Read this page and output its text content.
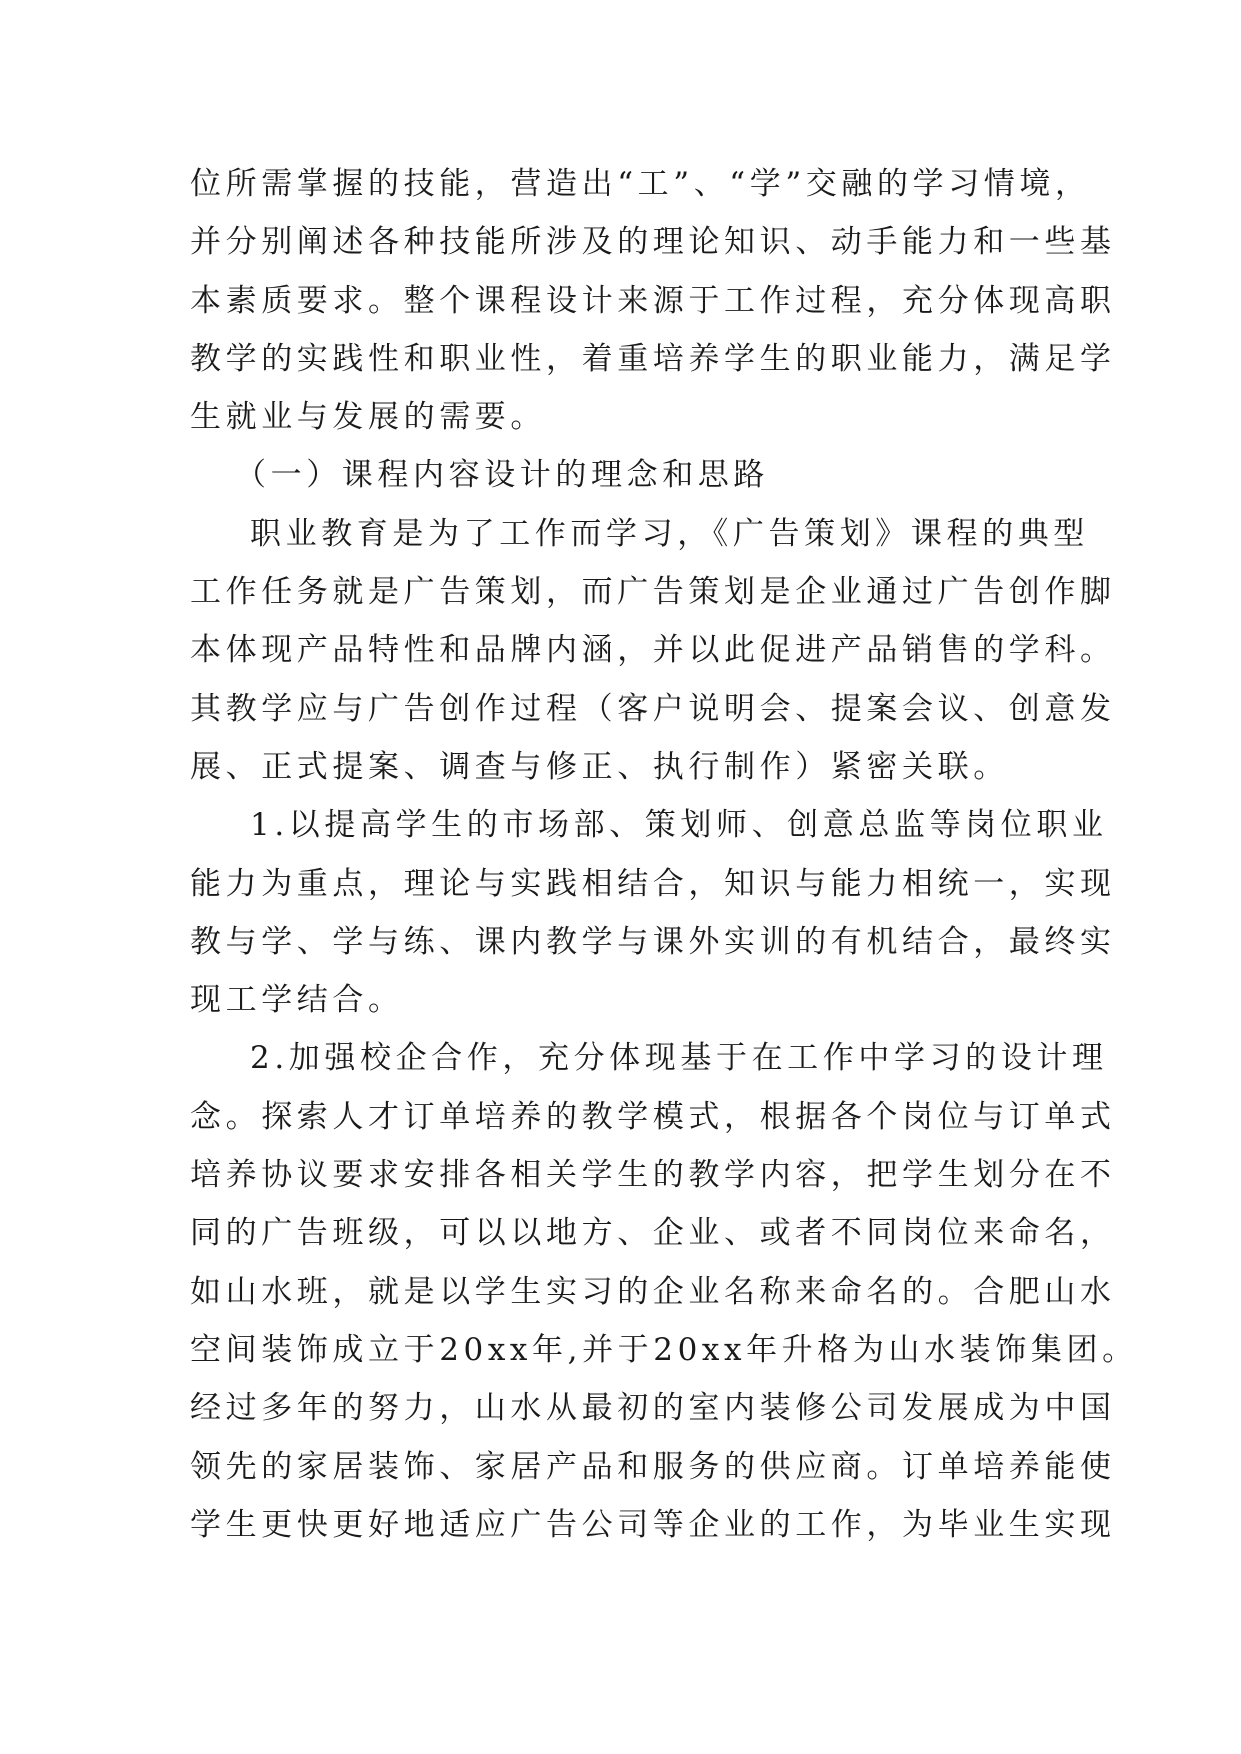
位所需掌握的技能，营造出“工”、“学”交融的学习情境，
并分别阐述各种技能所涉及的理论知识、动手能力和一些基
本素质要求。整个课程设计来源于工作过程，充分体现高职
教学的实践性和职业性，着重培养学生的职业能力，满足学
生就业与发展的需要。
（一）课程内容设计的理念和思路
职业教育是为了工作而学习，《广告策划》课程的典型
工作任务就是广告策划，而广告策划是企业通过广告创作脚
本体现产品特性和品牌内涵，并以此促进产品销售的学科。
其教学应与广告创作过程（客户说明会、提案会议、创意发
展、正式提案、调查与修正、执行制作）紧密关联。
1.以提高学生的市场部、策划师、创意总监等岗位职业
能力为重点，理论与实践相结合，知识与能力相统一，实现
教与学、学与练、课内教学与课外实训的有机结合，最终实
现工学结合。
2.加强校企合作，充分体现基于在工作中学习的设计理
念。探索人才订单培养的教学模式，根据各个岗位与订单式
培养协议要求安排各相关学生的教学内容，把学生划分在不
同的广告班级，可以以地方、企业、或者不同岗位来命名，
如山水班，就是以学生实习的企业名称来命名的。合肥山水
空间装饰成立于20xx年,并于20xx年升格为山水装饰集团。
经过多年的努力，山水从最初的室内装修公司发展成为中国
领先的家居装饰、家居产品和服务的供应商。订单培养能使
学生更快更好地适应广告公司等企业的工作，为毕业生实现
